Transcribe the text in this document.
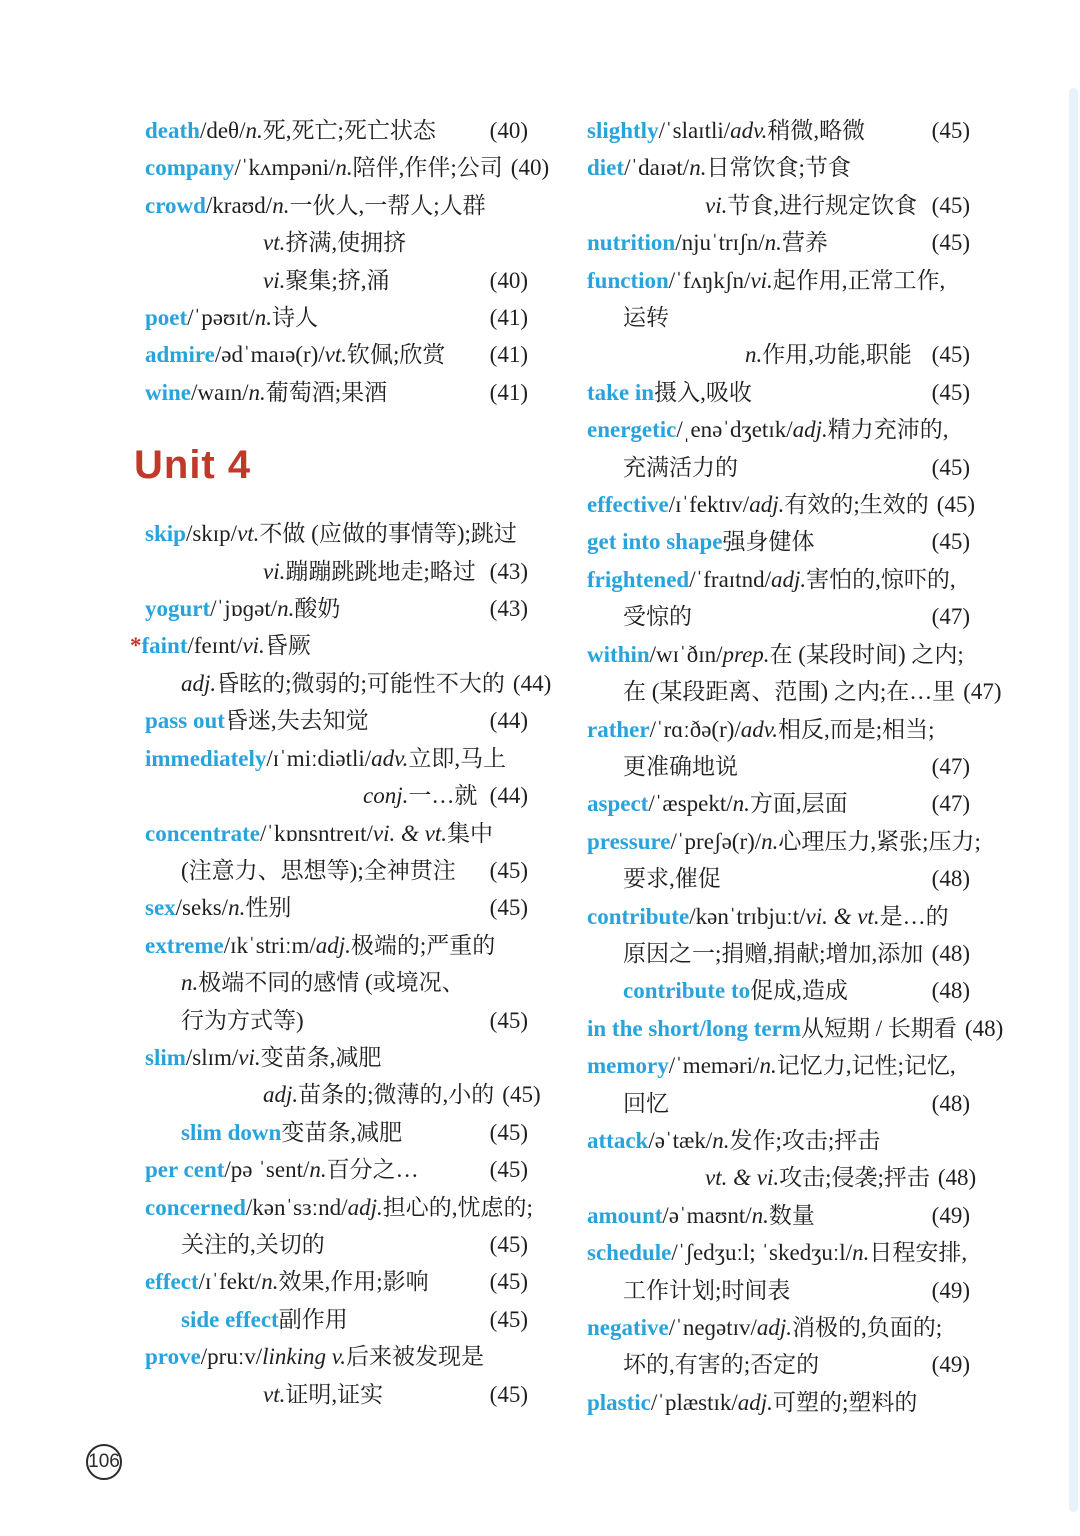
death /deθ/ n. 死,死亡;死亡状态	(40)
company /ˈkʌmpəni/ n. 陪伴,作伴;公司 (40)
crowd /kraʊd/ n. 一伙人,一帮人;人群
vt. 挤满,使拥挤
vi. 聚集;挤,涌	(40)
poet /ˈpəʊɪt/ n. 诗人	(41)
admire /ədˈmaɪə(r)/ vt. 钦佩;欣赏	(41)
wine /waɪn/ n. 葡萄酒;果酒	(41)
Unit 4
skip /skɪp/ vt. 不做 (应做的事情等);跳过
vi. 蹦蹦跳跳地走;略过 (43)
yogurt /ˈjɒɡət/ n. 酸奶	(43)
* faint /feɪnt/ vi. 昏厥
adj. 昏眩的;微弱的;可能性不大的 (44)
pass out 昏迷,失去知觉	(44)
immediately /ɪˈmiːdiətli/ adv. 立即,马上
conj. 一…就 (44)
concentrate /ˈkɒnsntreɪt/ vi. & vt. 集中
(注意力、思想等);全神贯注	(45)
sex /seks/ n. 性别	(45)
extreme /ɪkˈstriːm/ adj. 极端的;严重的
n. 极端不同的感情 (或境况、
行为方式等)	(45)
slim /slɪm/ vi. 变苗条,减肥
adj. 苗条的;微薄的,小的 (45)
slim down 变苗条,减肥	(45)
per cent /pə ˈsent/ n. 百分之…	(45)
concerned /kənˈsɜːnd/ adj. 担心的,忧虑的;
关注的,关切的	(45)
effect /ɪˈfekt/ n. 效果,作用;影响	(45)
side effect 副作用	(45)
prove /pruːv/ linking v. 后来被发现是
vt. 证明,证实	(45)
slightly /ˈslaɪtli/ adv. 稍微,略微	(45)
diet /ˈdaɪət/ n. 日常饮食;节食
vi. 节食,进行规定饮食 (45)
nutrition /njuˈtrɪʃn/ n. 营养	(45)
function /ˈfʌŋkʃn/ vi. 起作用,正常工作,
运转
n. 作用,功能,职能 (45)
take in 摄入,吸收	(45)
energetic /ˌenəˈdʒetɪk/ adj. 精力充沛的,
充满活力的	(45)
effective /ɪˈfektɪv/ adj. 有效的;生效的 (45)
get into shape 强身健体	(45)
frightened /ˈfraɪtnd/ adj. 害怕的,惊吓的,
受惊的	(47)
within /wɪˈðɪn/ prep. 在 (某段时间) 之内;
在 (某段距离、范围) 之内;在…里 (47)
rather /ˈrɑːðə(r)/ adv. 相反,而是;相当;
更准确地说	(47)
aspect /ˈæspekt/ n. 方面,层面	(47)
pressure /ˈpreʃə(r)/ n. 心理压力,紧张;压力;
要求,催促	(48)
contribute /kənˈtrɪbjuːt/ vi. & vt. 是…的
原因之一;捐赠,捐献;增加,添加 (48)
contribute to 促成,造成	(48)
in the short/long term 从短期 / 长期看 (48)
memory /ˈmeməri/ n. 记忆力,记性;记忆,
回忆	(48)
attack /əˈtæk/ n. 发作;攻击;抨击
vt. & vi. 攻击;侵袭;抨击 (48)
amount /əˈmaʊnt/ n. 数量	(49)
schedule /ˈʃedʒuːl; ˈskedʒuːl/ n. 日程安排,
工作计划;时间表	(49)
negative /ˈneɡətɪv/ adj. 消极的,负面的;
坏的,有害的;否定的	(49)
plastic /ˈplæstɪk/ adj. 可塑的;塑料的
106
